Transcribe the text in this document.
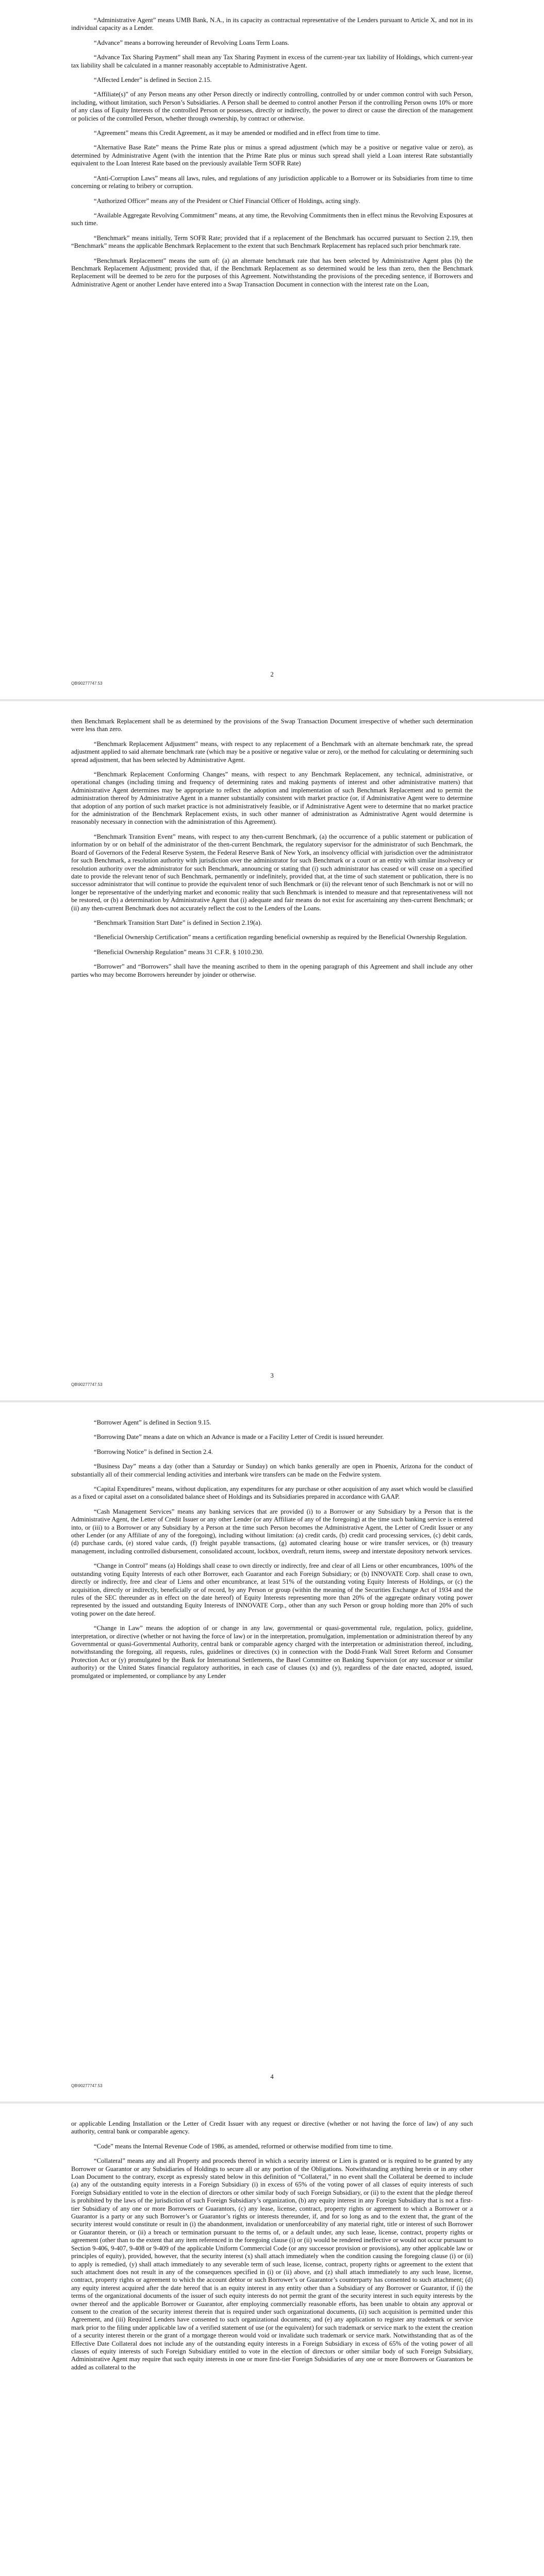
“Administrative Agent” means UMB Bank, N.A., in its capacity as contractual representative of the Lenders pursuant to Article X, and not in its individual capacity as a Lender.

“Advance” means a borrowing hereunder of Revolving Loans Term Loans.

“Advance Tax Sharing Payment” shall mean any Tax Sharing Payment in excess of the current-year tax liability of Holdings, which current-year tax liability shall be calculated in a manner reasonably acceptable to Administrative Agent.

“Affected Lender” is defined in Section 2.15.

“Affiliate(s)” of any Person means any other Person directly or indirectly controlling, controlled by or under common control with such Person, including, without limitation, such Person’s Subsidiaries. A Person shall be deemed to control another Person if the controlling Person owns 10% or more of any class of Equity Interests of the controlled Person or possesses, directly or indirectly, the power to direct or cause the direction of the management or policies of the controlled Person, whether through ownership, by contract or otherwise.

“Agreement” means this Credit Agreement, as it may be amended or modified and in effect from time to time.

“Alternative Base Rate” means the Prime Rate plus or minus a spread adjustment (which may be a positive or negative value or zero), as determined by Administrative Agent (with the intention that the Prime Rate plus or minus such spread shall yield a Loan interest Rate substantially equivalent to the Loan Interest Rate based on the previously available Term SOFR Rate)

“Anti-Corruption Laws” means all laws, rules, and regulations of any jurisdiction applicable to a Borrower or its Subsidiaries from time to time concerning or relating to bribery or corruption.

“Authorized Officer” means any of the President or Chief Financial Officer of Holdings, acting singly.

“Available Aggregate Revolving Commitment” means, at any time, the Revolving Commitments then in effect minus the Revolving Exposures at such time.

“Benchmark” means initially, Term SOFR Rate; provided that if a replacement of the Benchmark has occurred pursuant to Section 2.19, then “Benchmark” means the applicable Benchmark Replacement to the extent that such Benchmark Replacement has replaced such prior benchmark rate.

“Benchmark Replacement” means the sum of: (a) an alternate benchmark rate that has been selected by Administrative Agent plus (b) the Benchmark Replacement Adjustment; provided that, if the Benchmark Replacement as so determined would be less than zero, then the Benchmark Replacement will be deemed to be zero for the purposes of this Agreement. Notwithstanding the provisions of the preceding sentence, if Borrowers and Administrative Agent or another Lender have entered into a Swap Transaction Document in connection with the interest rate on the Loan,

2
QB\90277747.53

then Benchmark Replacement shall be as determined by the provisions of the Swap Transaction Document irrespective of whether such determination were less than zero.

“Benchmark Replacement Adjustment” means, with respect to any replacement of a Benchmark with an alternate benchmark rate, the spread adjustment applied to said alternate benchmark rate (which may be a positive or negative value or zero), or the method for calculating or determining such spread adjustment, that has been selected by Administrative Agent.

“Benchmark Replacement Conforming Changes” means, with respect to any Benchmark Replacement, any technical, administrative, or operational changes (including timing and frequency of determining rates and making payments of interest and other administrative matters) that Administrative Agent determines may be appropriate to reflect the adoption and implementation of such Benchmark Replacement and to permit the administration thereof by Administrative Agent in a manner substantially consistent with market practice (or, if Administrative Agent were to determine that adoption of any portion of such market practice is not administratively feasible, or if Administrative Agent were to determine that no market practice for the administration of the Benchmark Replacement exists, in such other manner of administration as Administrative Agent would determine is reasonably necessary in connection with the administration of this Agreement).

“Benchmark Transition Event” means, with respect to any then-current Benchmark, (a) the occurrence of a public statement or publication of information by or on behalf of the administrator of the then-current Benchmark, the regulatory supervisor for the administrator of such Benchmark, the Board of Governors of the Federal Reserve System, the Federal Reserve Bank of New York, an insolvency official with jurisdiction over the administrator for such Benchmark, a resolution authority with jurisdiction over the administrator for such Benchmark or a court or an entity with similar insolvency or resolution authority over the administrator for such Benchmark, announcing or stating that (i) such administrator has ceased or will cease on a specified date to provide the relevant tenor of such Benchmark, permanently or indefinitely, provided that, at the time of such statement or publication, there is no successor administrator that will continue to provide the equivalent tenor of such Benchmark or (ii) the relevant tenor of such Benchmark is not or will no longer be representative of the underlying market and economic reality that such Benchmark is intended to measure and that representativeness will not be restored, or (b) a determination by Administrative Agent that (i) adequate and fair means do not exist for ascertaining any then-current Benchmark; or (ii) any then-current Benchmark does not accurately reflect the cost to the Lenders of the Loans.

“Benchmark Transition Start Date” is defined in Section 2.19(a).

“Beneficial Ownership Certification” means a certification regarding beneficial ownership as required by the Beneficial Ownership Regulation.

“Beneficial Ownership Regulation” means 31 C.F.R. § 1010.230.

“Borrower” and “Borrowers” shall have the meaning ascribed to them in the opening paragraph of this Agreement and shall include any other parties who may become Borrowers hereunder by joinder or otherwise.

3
QB\90277747.53

“Borrower Agent” is defined in Section 9.15.

“Borrowing Date” means a date on which an Advance is made or a Facility Letter of Credit is issued hereunder.

“Borrowing Notice” is defined in Section 2.4.

“Business Day” means a day (other than a Saturday or Sunday) on which banks generally are open in Phoenix, Arizona for the conduct of substantially all of their commercial lending activities and interbank wire transfers can be made on the Fedwire system.

“Capital Expenditures” means, without duplication, any expenditures for any purchase or other acquisition of any asset which would be classified as a fixed or capital asset on a consolidated balance sheet of Holdings and its Subsidiaries prepared in accordance with GAAP.

“Cash Management Services” means any banking services that are provided (i) to a Borrower or any Subsidiary by a Person that is the Administrative Agent, the Letter of Credit Issuer or any other Lender (or any Affiliate of any of the foregoing) at the time such banking service is entered into, or (iii) to a Borrower or any Subsidiary by a Person at the time such Person becomes the Administrative Agent, the Letter of Credit Issuer or any other Lender (or any Affiliate of any of the foregoing), including without limitation: (a) credit cards, (b) credit card processing services, (c) debit cards, (d) purchase cards, (e) stored value cards, (f) freight payable transactions, (g) automated clearing house or wire transfer services, or (h) treasury management, including controlled disbursement, consolidated account, lockbox, overdraft, return items, sweep and interstate depository network services.

“Change in Control” means (a) Holdings shall cease to own directly or indirectly, free and clear of all Liens or other encumbrances, 100% of the outstanding voting Equity Interests of each other Borrower, each Guarantor and each Foreign Subsidiary; or (b) INNOVATE Corp. shall cease to own, directly or indirectly, free and clear of Liens and other encumbrance, at least 51% of the outstanding voting Equity Interests of Holdings, or (c) the acquisition, directly or indirectly, beneficially or of record, by any Person or group (within the meaning of the Securities Exchange Act of 1934 and the rules of the SEC thereunder as in effect on the date hereof) of Equity Interests representing more than 20% of the aggregate ordinary voting power represented by the issued and outstanding Equity Interests of INNOVATE Corp., other than any such Person or group holding more than 20% of such voting power on the date hereof.

“Change in Law” means the adoption of or change in any law, governmental or quasi-governmental rule, regulation, policy, guideline, interpretation, or directive (whether or not having the force of law) or in the interpretation, promulgation, implementation or administration thereof by any Governmental or quasi-Governmental Authority, central bank or comparable agency charged with the interpretation or administration thereof, including, notwithstanding the foregoing, all requests, rules, guidelines or directives (x) in connection with the Dodd-Frank Wall Street Reform and Consumer Protection Act or (y) promulgated by the Bank for International Settlements, the Basel Committee on Banking Supervision (or any successor or similar authority) or the United States financial regulatory authorities, in each case of clauses (x) and (y), regardless of the date enacted, adopted, issued, promulgated or implemented, or compliance by any Lender

4
QB\90277747.53

or applicable Lending Installation or the Letter of Credit Issuer with any request or directive (whether or not having the force of law) of any such authority, central bank or comparable agency.

“Code” means the Internal Revenue Code of 1986, as amended, reformed or otherwise modified from time to time.

“Collateral” means any and all Property and proceeds thereof in which a security interest or Lien is granted or is required to be granted by any Borrower or Guarantor or any Subsidiaries of Holdings to secure all or any portion of the Obligations. Notwithstanding anything herein or in any other Loan Document to the contrary, except as expressly stated below in this definition of “Collateral,” in no event shall the Collateral be deemed to include (a) any of the outstanding equity interests in a Foreign Subsidiary (i) in excess of 65% of the voting power of all classes of equity interests of such Foreign Subsidiary entitled to vote in the election of directors or other similar body of such Foreign Subsidiary, or (ii) to the extent that the pledge thereof is prohibited by the laws of the jurisdiction of such Foreign Subsidiary’s organization, (b) any equity interest in any Foreign Subsidiary that is not a first-tier Subsidiary of any one or more Borrowers or Guarantors, (c) any lease, license, contract, property rights or agreement to which a Borrower or a Guarantor is a party or any such Borrower’s or Guarantor’s rights or interests thereunder, if, and for so long as and to the extent that, the grant of the security interest would constitute or result in (i) the abandonment, invalidation or unenforceability of any material right, title or interest of such Borrower or Guarantor therein, or (ii) a breach or termination pursuant to the terms of, or a default under, any such lease, license, contract, property rights or agreement (other than to the extent that any item referenced in the foregoing clause (i) or (ii) would be rendered ineffective or would not occur pursuant to Section 9-406, 9-407, 9-408 or 9-409 of the applicable Uniform Commercial Code (or any successor provision or provisions), any other applicable law or principles of equity), provided, however, that the security interest (x) shall attach immediately when the condition causing the foregoing clause (i) or (ii) to apply is remedied, (y) shall attach immediately to any severable term of such lease, license, contract, property rights or agreement to the extent that such attachment does not result in any of the consequences specified in (i) or (ii) above, and (z) shall attach immediately to any such lease, license, contract, property rights or agreement to which the account debtor or such Borrower’s or Guarantor’s counterparty has consented to such attachment; (d) any equity interest acquired after the date hereof that is an equity interest in any entity other than a Subsidiary of any Borrower or Guarantor, if (i) the terms of the organizational documents of the issuer of such equity interests do not permit the grant of the security interest in such equity interests by the owner thereof and the applicable Borrower or Guarantor, after employing commercially reasonable efforts, has been unable to obtain any approval or consent to the creation of the security interest therein that is required under such organizational documents, (ii) such acquisition is permitted under this Agreement, and (iii) Required Lenders have consented to such organizational documents; and (e) any application to register any trademark or service mark prior to the filing under applicable law of a verified statement of use (or the equivalent) for such trademark or service mark to the extent the creation of a security interest therein or the grant of a mortgage thereon would void or invalidate such trademark or service mark. Notwithstanding that as of the Effective Date Collateral does not include any of the outstanding equity interests in a Foreign Subsidiary in excess of 65% of the voting power of all classes of equity interests of such Foreign Subsidiary entitled to vote in the election of directors or other similar body of such Foreign Subsidiary, Administrative Agent may require that such equity interests in one or more first-tier Foreign Subsidiaries of any one or more Borrowers or Guarantors be added as collateral to the
